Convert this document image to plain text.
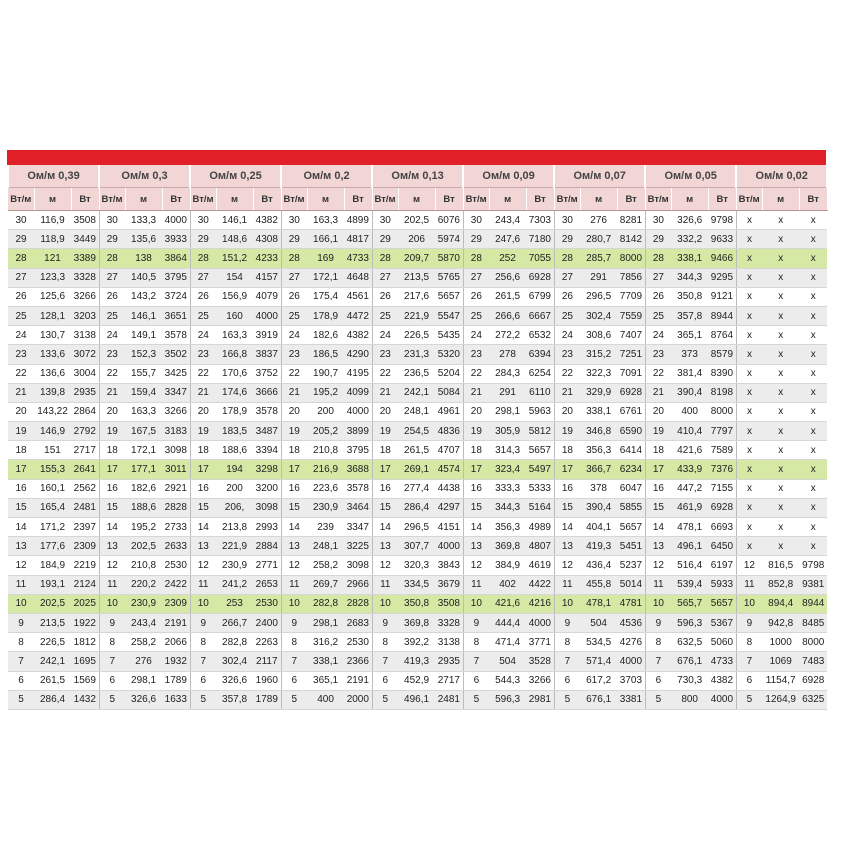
Ом/м 0,39			Ом/м 0,3			Ом/м 0,25			Ом/м 0,2			Ом/м 0,13			Ом/м 0,09			Ом/м 0,07			Ом/м 0,05			Ом/м 0,02		
Вт/м	м	Вт	Вт/м	м	Вт	Вт/м	м	Вт	Вт/м	м	Вт	Вт/м	м	Вт	Вт/м	м	Вт	Вт/м	м	Вт	Вт/м	м	Вт	Вт/м	м	Вт
30	116,9	3508	30	133,3	4000	30	146,1	4382	30	163,3	4899	30	202,5	6076	30	243,4	7303	30	276	8281	30	326,6	9798	x	x	x
29	118,9	3449	29	135,6	3933	29	148,6	4308	29	166,1	4817	29	206	5974	29	247,6	7180	29	280,7	8142	29	332,2	9633	x	x	x
28	121	3389	28	138	3864	28	151,2	4233	28	169	4733	28	209,7	5870	28	252	7055	28	285,7	8000	28	338,1	9466	x	x	x
27	123,3	3328	27	140,5	3795	27	154	4157	27	172,1	4648	27	213,5	5765	27	256,6	6928	27	291	7856	27	344,3	9295	x	x	x
26	125,6	3266	26	143,2	3724	26	156,9	4079	26	175,4	4561	26	217,6	5657	26	261,5	6799	26	296,5	7709	26	350,8	9121	x	x	x
25	128,1	3203	25	146,1	3651	25	160	4000	25	178,9	4472	25	221,9	5547	25	266,6	6667	25	302,4	7559	25	357,8	8944	x	x	x
24	130,7	3138	24	149,1	3578	24	163,3	3919	24	182,6	4382	24	226,5	5435	24	272,2	6532	24	308,6	7407	24	365,1	8764	x	x	x
23	133,6	3072	23	152,3	3502	23	166,8	3837	23	186,5	4290	23	231,3	5320	23	278	6394	23	315,2	7251	23	373	8579	x	x	x
22	136,6	3004	22	155,7	3425	22	170,6	3752	22	190,7	4195	22	236,5	5204	22	284,3	6254	22	322,3	7091	22	381,4	8390	x	x	x
21	139,8	2935	21	159,4	3347	21	174,6	3666	21	195,2	4099	21	242,1	5084	21	291	6110	21	329,9	6928	21	390,4	8198	x	x	x
20	143,22	2864	20	163,3	3266	20	178,9	3578	20	200	4000	20	248,1	4961	20	298,1	5963	20	338,1	6761	20	400	8000	x	x	x
19	146,9	2792	19	167,5	3183	19	183,5	3487	19	205,2	3899	19	254,5	4836	19	305,9	5812	19	346,8	6590	19	410,4	7797	x	x	x
18	151	2717	18	172,1	3098	18	188,6	3394	18	210,8	3795	18	261,5	4707	18	314,3	5657	18	356,3	6414	18	421,6	7589	x	x	x
17	155,3	2641	17	177,1	3011	17	194	3298	17	216,9	3688	17	269,1	4574	17	323,4	5497	17	366,7	6234	17	433,9	7376	x	x	x
16	160,1	2562	16	182,6	2921	16	200	3200	16	223,6	3578	16	277,4	4438	16	333,3	5333	16	378	6047	16	447,2	7155	x	x	x
15	165,4	2481	15	188,6	2828	15	206,	3098	15	230,9	3464	15	286,4	4297	15	344,3	5164	15	390,4	5855	15	461,9	6928	x	x	x
14	171,2	2397	14	195,2	2733	14	213,8	2993	14	239	3347	14	296,5	4151	14	356,3	4989	14	404,1	5657	14	478,1	6693	x	x	x
13	177,6	2309	13	202,5	2633	13	221,9	2884	13	248,1	3225	13	307,7	4000	13	369,8	4807	13	419,3	5451	13	496,1	6450	x	x	x
12	184,9	2219	12	210,8	2530	12	230,9	2771	12	258,2	3098	12	320,3	3843	12	384,9	4619	12	436,4	5237	12	516,4	6197	12	816,5	9798
11	193,1	2124	11	220,2	2422	11	241,2	2653	11	269,7	2966	11	334,5	3679	11	402	4422	11	455,8	5014	11	539,4	5933	11	852,8	9381
10	202,5	2025	10	230,9	2309	10	253	2530	10	282,8	2828	10	350,8	3508	10	421,6	4216	10	478,1	4781	10	565,7	5657	10	894,4	8944
9	213,5	1922	9	243,4	2191	9	266,7	2400	9	298,1	2683	9	369,8	3328	9	444,4	4000	9	504	4536	9	596,3	5367	9	942,8	8485
8	226,5	1812	8	258,2	2066	8	282,8	2263	8	316,2	2530	8	392,2	3138	8	471,4	3771	8	534,5	4276	8	632,5	5060	8	1000	8000
7	242,1	1695	7	276	1932	7	302,4	2117	7	338,1	2366	7	419,3	2935	7	504	3528	7	571,4	4000	7	676,1	4733	7	1069	7483
6	261,5	1569	6	298,1	1789	6	326,6	1960	6	365,1	2191	6	452,9	2717	6	544,3	3266	6	617,2	3703	6	730,3	4382	6	1154,7	6928
5	286,4	1432	5	326,6	1633	5	357,8	1789	5	400	2000	5	496,1	2481	5	596,3	2981	5	676,1	3381	5	800	4000	5	1264,9	6325
